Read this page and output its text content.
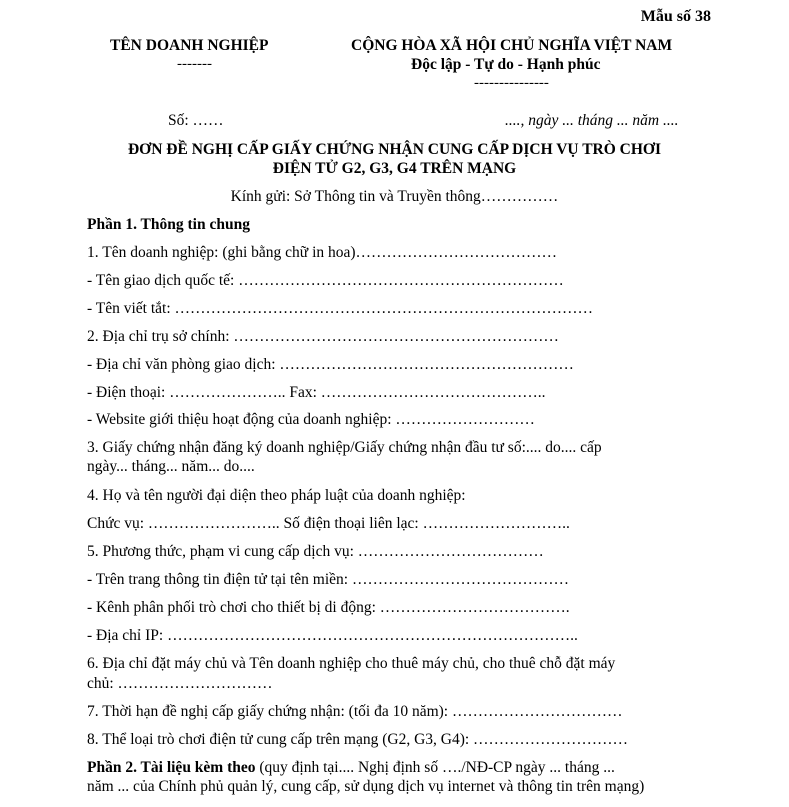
Mẫu số 38
TÊN DOANH NGHIỆP
-------
CỘNG HÒA XÃ HỘI CHỦ NGHĨA VIỆT NAM
Độc lập - Tự do - Hạnh phúc
---------------
Số: ……	...., ngày ... tháng ... năm ....
ĐƠN ĐỀ NGHỊ CẤP GIẤY CHỨNG NHẬN CUNG CẤP DỊCH VỤ TRÒ CHƠI
ĐIỆN TỬ G2, G3, G4 TRÊN MẠNG
Kính gửi: Sở Thông tin và Truyền thông……………
Phần 1. Thông tin chung
1. Tên doanh nghiệp: (ghi bằng chữ in hoa)…………………………………
- Tên giao dịch quốc tế: ………………………………………………………
- Tên viết tắt: ………………………………………………………………………
2. Địa chỉ trụ sở chính: ………………………………………………………
- Địa chỉ văn phòng giao dịch: …………………………………………………
- Điện thoại: ………………….. Fax: ……………………………………..
- Website giới thiệu hoạt động của doanh nghiệp: ………………………
3. Giấy chứng nhận đăng ký doanh nghiệp/Giấy chứng nhận đầu tư số:.... do.... cấp
ngày... tháng... năm... do....
4. Họ và tên người đại diện theo pháp luật của doanh nghiệp:
Chức vụ: …………………….. Số điện thoại liên lạc: ………………………..
5. Phương thức, phạm vi cung cấp dịch vụ: ………………………………
- Trên trang thông tin điện tử tại tên miền: ……………………………………
- Kênh phân phối trò chơi cho thiết bị di động: ……………………………….
- Địa chỉ IP: ……………………………………………………………………..
6. Địa chỉ đặt máy chủ và Tên doanh nghiệp cho thuê máy chủ, cho thuê chỗ đặt máy
chủ: …………………………
7. Thời hạn đề nghị cấp giấy chứng nhận: (tối đa 10 năm): ……………………………
8. Thể loại trò chơi điện tử cung cấp trên mạng (G2, G3, G4): …………………………
Phần 2. Tài liệu kèm theo (quy định tại.... Nghị định số …./NĐ-CP ngày ... tháng ...
năm ... của Chính phủ quản lý, cung cấp, sử dụng dịch vụ internet và thông tin trên mạng)
